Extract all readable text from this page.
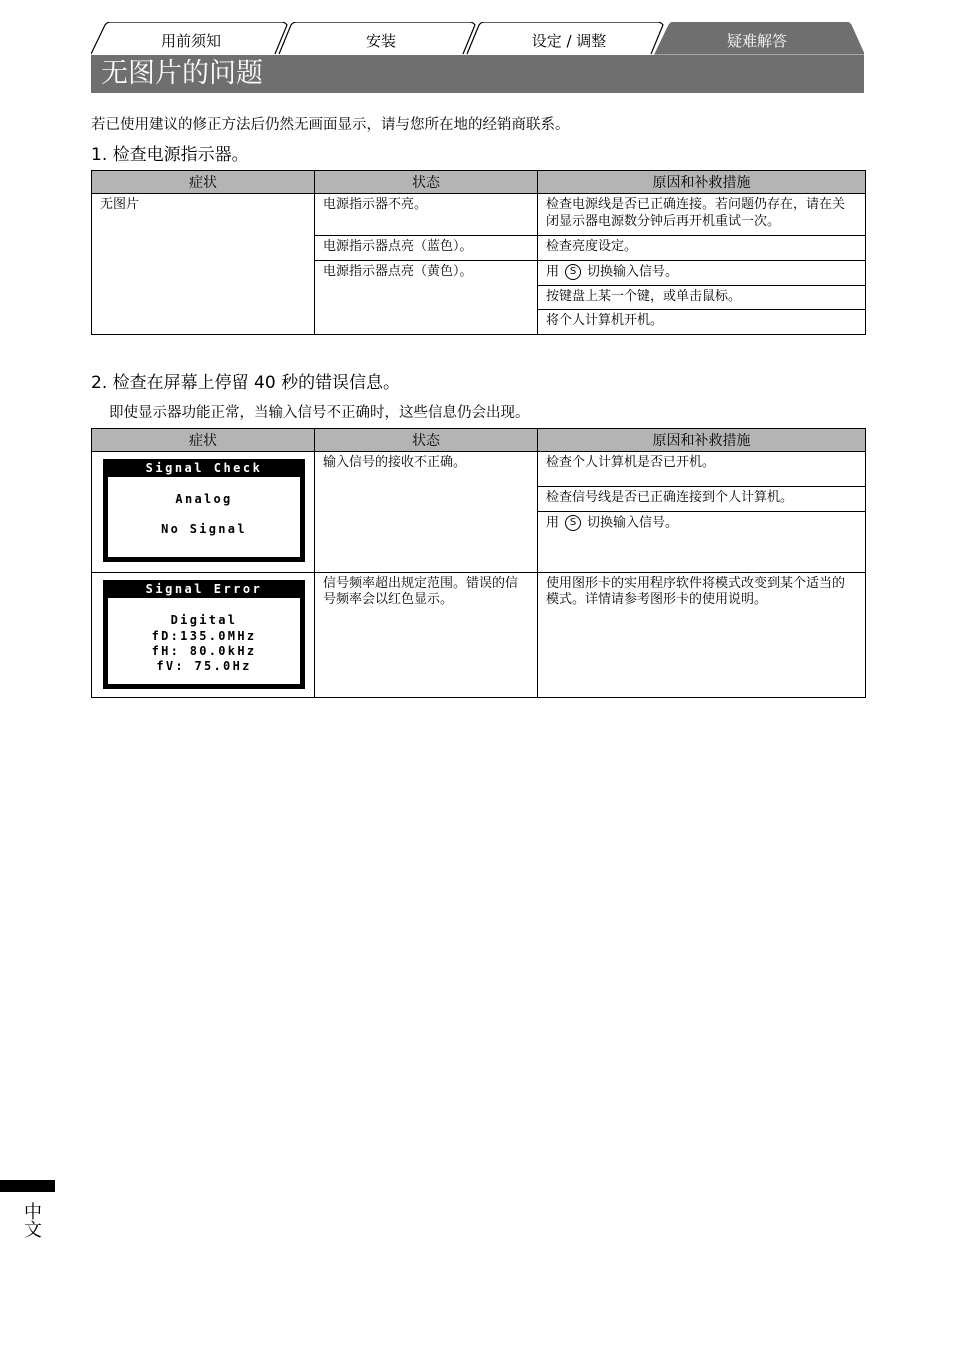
用前须知	安装	设定 / 调整	疑难解答
无图片的问题
若已使用建议的修正方法后仍然无画面显示，请与您所在地的经销商联系。
1. 检查电源指示器。
症状	状态	原因和补救措施
无图片	电源指示器不亮。	检查电源线是否已正确连接。若问题仍存在，请在关闭显示器电源数分钟后再开机重试一次。
	电源指示器点亮（蓝色）。	检查亮度设定。
	电源指示器点亮（黄色）。	用 S 切换输入信号。
		按键盘上某一个键，或单击鼠标。
		将个人计算机开机。
2. 检查在屏幕上停留 40 秒的错误信息。
即使显示器功能正常，当输入信号不正确时，这些信息仍会出现。
症状	状态	原因和补救措施

Signal Check
Analog
No Signal	输入信号的接收不正确。	检查个人计算机是否已开机。
		检查信号线是否已正确连接到个人计算机。
		用 S 切换输入信号。

Signal Error
Digital
fD:135.0MHz
fH: 80.0kHz
fV: 75.0Hz	信号频率超出规定范围。错误的信号频率会以红色显示。	使用图形卡的实用程序软件将模式改变到某个适当的模式。详情请参考图形卡的使用说明。
中文
